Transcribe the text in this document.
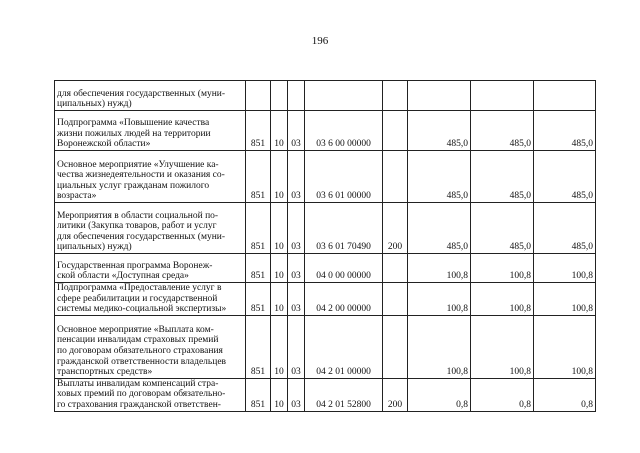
196
для обеспечения государственных (муни-
ципальных) нужд)								
Подпрограмма «Повышение качества
жизни пожилых людей на территории
Воронежской области»	851	10	03	03 6 00 00000		485,0	485,0	485,0
Основное мероприятие «Улучшение ка-
чества жизнедеятельности и оказания со-
циальных услуг гражданам пожилого
возраста»	851	10	03	03 6 01 00000		485,0	485,0	485,0
Мероприятия в области социальной по-
литики (Закупка товаров, работ и услуг
для обеспечения государственных (муни-
ципальных) нужд)	851	10	03	03 6 01 70490	200	485,0	485,0	485,0
Государственная программа Воронеж-
ской области «Доступная среда»	851	10	03	04 0 00 00000		100,8	100,8	100,8
Подпрограмма «Предоставление услуг в
сфере реабилитации и государственной
системы медико-социальной экспертизы»	851	10	03	04 2 00 00000		100,8	100,8	100,8
Основное мероприятие «Выплата ком-
пенсации инвалидам страховых премий
по договорам обязательного страхования
гражданской ответственности владельцев
транспортных средств»	851	10	03	04 2 01 00000		100,8	100,8	100,8
Выплаты инвалидам компенсаций стра-
ховых премий по договорам обязательно-
го страхования гражданской ответствен-	851	10	03	04 2 01 52800	200	0,8	0,8	0,8
